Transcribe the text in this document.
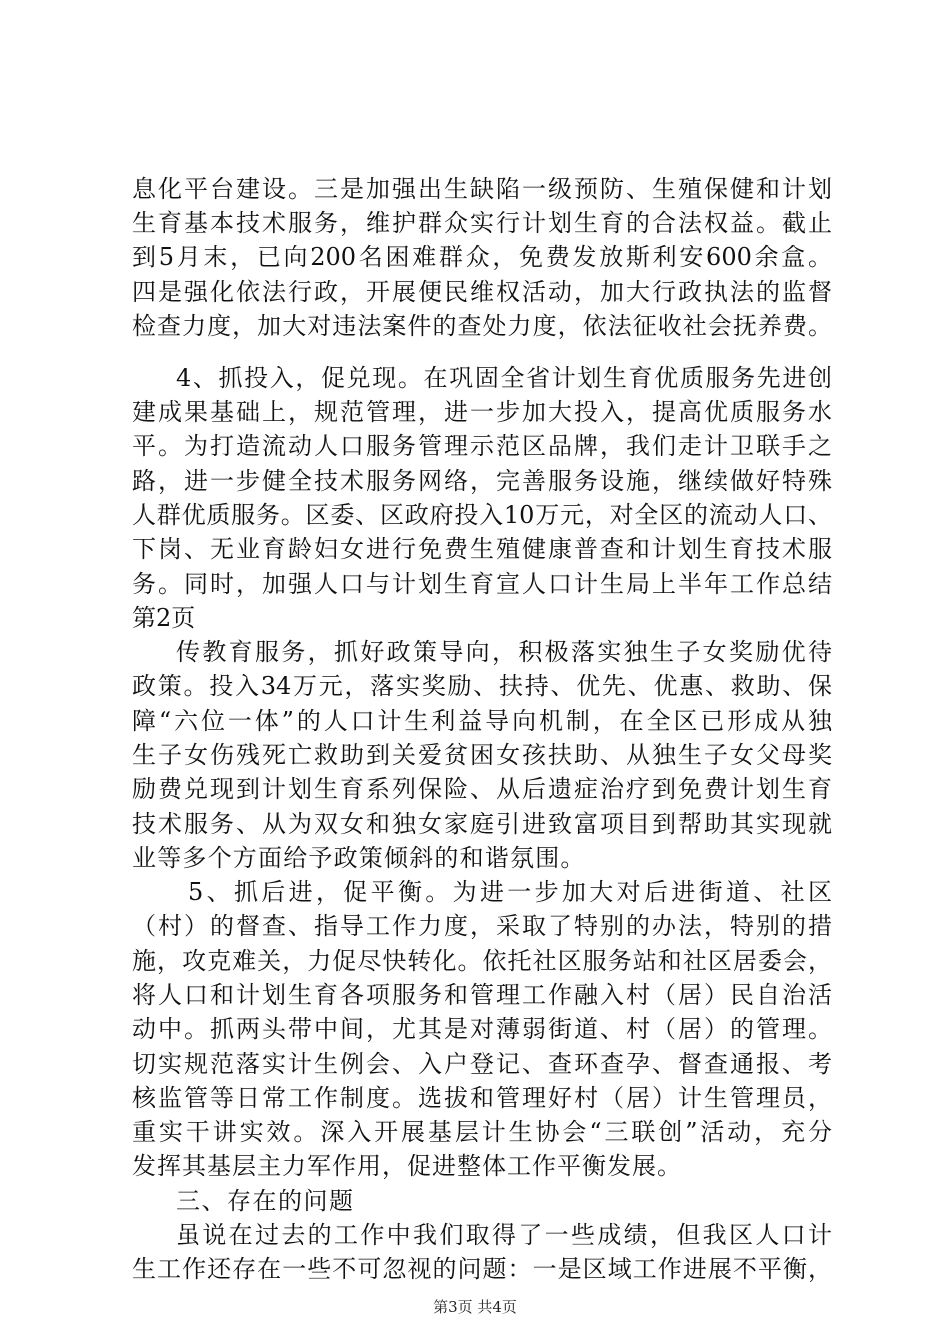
息化平台建设。三是加强出生缺陷一级预防、生殖保健和计划
生育基本技术服务，维护群众实行计划生育的合法权益。截止
到5月末，已向200名困难群众，免费发放斯利安600余盒。
四是强化依法行政，开展便民维权活动，加大行政执法的监督
检查力度，加大对违法案件的查处力度，依法征收社会抚养费。
4、抓投入，促兑现。在巩固全省计划生育优质服务先进创
建成果基础上，规范管理，进一步加大投入，提高优质服务水
平。为打造流动人口服务管理示范区品牌，我们走计卫联手之
路，进一步健全技术服务网络，完善服务设施，继续做好特殊
人群优质服务。区委、区政府投入10万元，对全区的流动人口、
下岗、无业育龄妇女进行免费生殖健康普查和计划生育技术服
务。同时，加强人口与计划生育宣人口计生局上半年工作总结
第2页
传教育服务，抓好政策导向，积极落实独生子女奖励优待
政策。投入34万元，落实奖励、扶持、优先、优惠、救助、保
障“六位一体”的人口计生利益导向机制，在全区已形成从独
生子女伤残死亡救助到关爱贫困女孩扶助、从独生子女父母奖
励费兑现到计划生育系列保险、从后遗症治疗到免费计划生育
技术服务、从为双女和独女家庭引进致富项目到帮助其实现就
业等多个方面给予政策倾斜的和谐氛围。
5、抓后进，促平衡。为进一步加大对后进街道、社区
（村）的督查、指导工作力度，采取了特别的办法，特别的措
施，攻克难关，力促尽快转化。依托社区服务站和社区居委会，
将人口和计划生育各项服务和管理工作融入村（居）民自治活
动中。抓两头带中间，尤其是对薄弱街道、村（居）的管理。
切实规范落实计生例会、入户登记、查环查孕、督查通报、考
核监管等日常工作制度。选拔和管理好村（居）计生管理员，
重实干讲实效。深入开展基层计生协会“三联创”活动，充分
发挥其基层主力军作用，促进整体工作平衡发展。
三、存在的问题
虽说在过去的工作中我们取得了一些成绩，但我区人口计
生工作还存在一些不可忽视的问题：一是区域工作进展不平衡，
第3页 共4页
